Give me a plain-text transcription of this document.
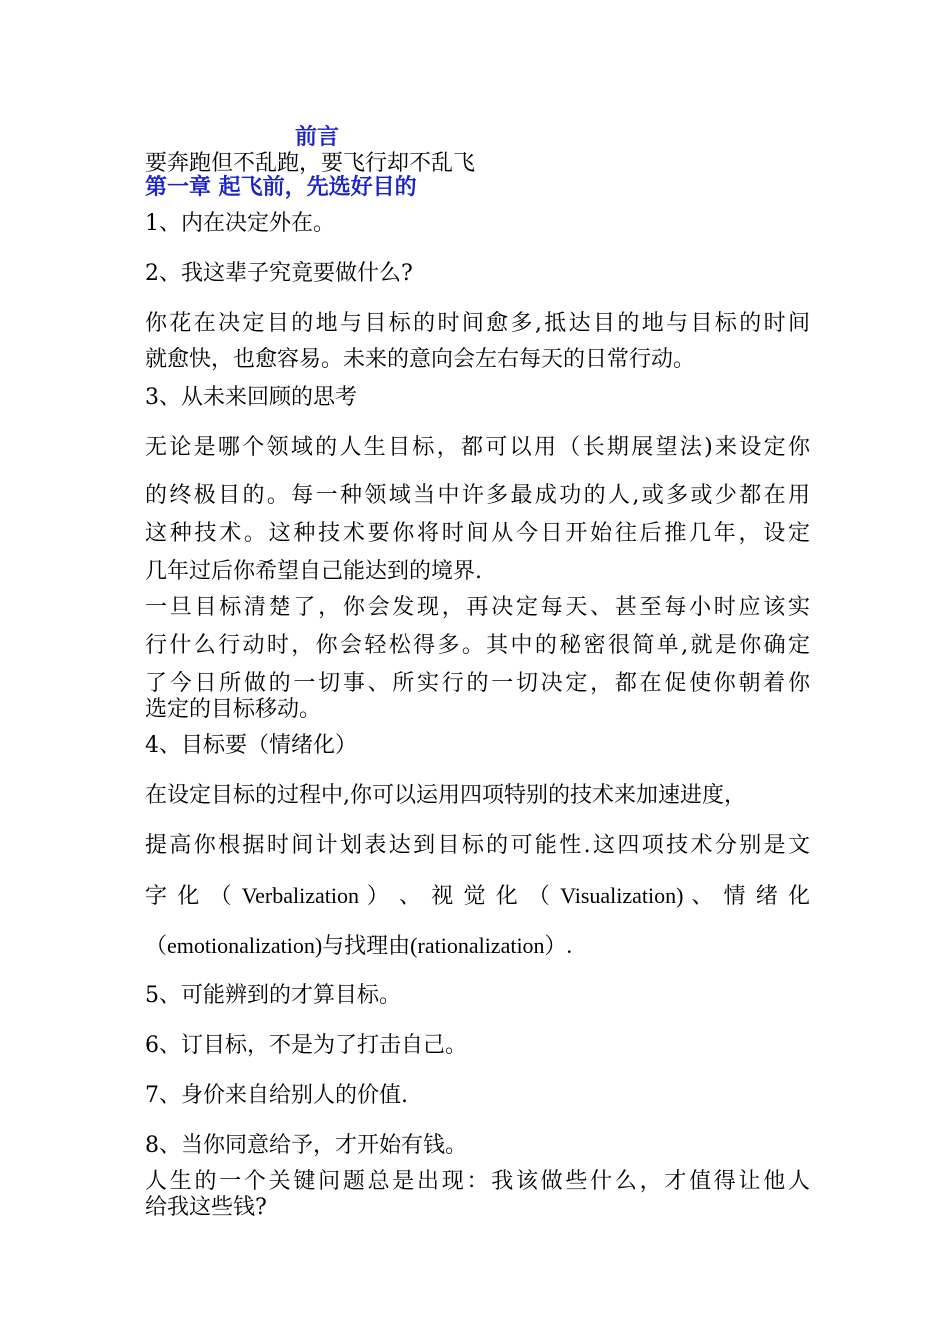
前言
要奔跑但不乱跑，要飞行却不乱飞
第一章 起飞前，先选好目的
1、内在决定外在。
2、我这辈子究竟要做什么?
你花在决定目的地与目标的时间愈多,抵达目的地与目标的时间
就愈快，也愈容易。未来的意向会左右每天的日常行动。
3、从未来回顾的思考
无论是哪个领域的人生目标，都可以用（长期展望法)来设定你
的终极目的。每一种领域当中许多最成功的人,或多或少都在用
这种技术。这种技术要你将时间从今日开始往后推几年，设定
几年过后你希望自己能达到的境界.
一旦目标清楚了，你会发现，再决定每天、甚至每小时应该实
行什么行动时，你会轻松得多。其中的秘密很简单,就是你确定
了今日所做的一切事、所实行的一切决定，都在促使你朝着你
选定的目标移动。
4、目标要（情绪化）
在设定目标的过程中,你可以运用四项特别的技术来加速进度，
提高你根据时间计划表达到目标的可能性.这四项技术分别是文
字 化 （ Verbalization ） 、 视 觉 化 （ Visualization) 、 情 绪 化
（emotionalization)与找理由(rationalization）.
5、可能辨到的才算目标。
6、订目标，不是为了打击自己。
7、身价来自给别人的价值.
8、当你同意给予，才开始有钱。
人生的一个关键问题总是出现：我该做些什么，才值得让他人
给我这些钱?
